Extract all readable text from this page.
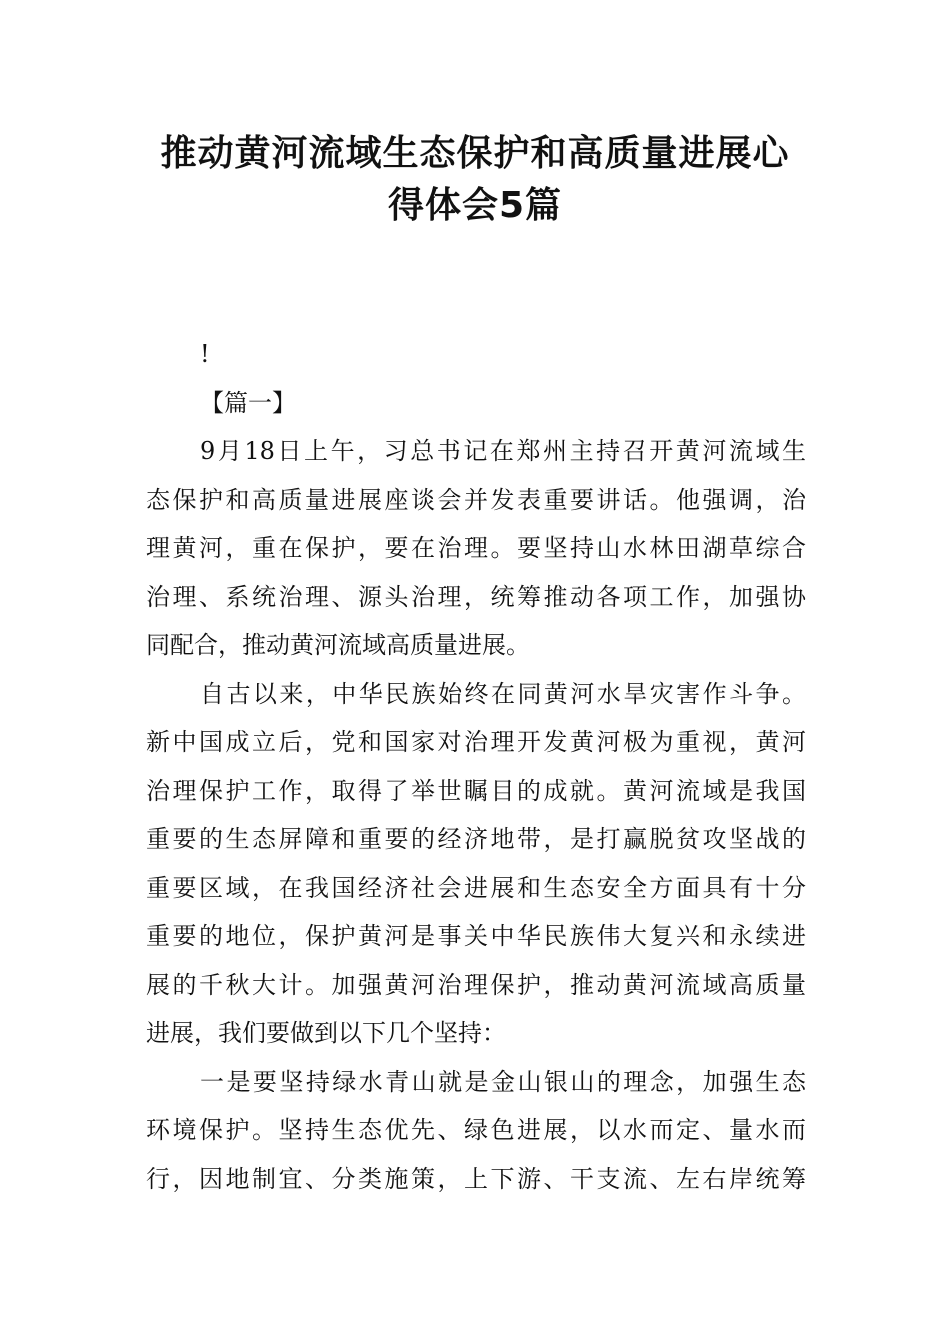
推动黄河流域生态保护和高质量进展心
得体会5篇
!
【篇一】
9月18日上午，习总书记在郑州主持召开黄河流域生
态保护和高质量进展座谈会并发表重要讲话。他强调，治
理黄河，重在保护，要在治理。要坚持山水林田湖草综合
治理、系统治理、源头治理，统筹推动各项工作，加强协
同配合，推动黄河流域高质量进展。
自古以来，中华民族始终在同黄河水旱灾害作斗争。
新中国成立后，党和国家对治理开发黄河极为重视，黄河
治理保护工作，取得了举世瞩目的成就。黄河流域是我国
重要的生态屏障和重要的经济地带，是打赢脱贫攻坚战的
重要区域，在我国经济社会进展和生态安全方面具有十分
重要的地位，保护黄河是事关中华民族伟大复兴和永续进
展的千秋大计。加强黄河治理保护，推动黄河流域高质量
进展，我们要做到以下几个坚持：
一是要坚持绿水青山就是金山银山的理念，加强生态
环境保护。坚持生态优先、绿色进展，以水而定、量水而
行，因地制宜、分类施策，上下游、干支流、左右岸统筹
